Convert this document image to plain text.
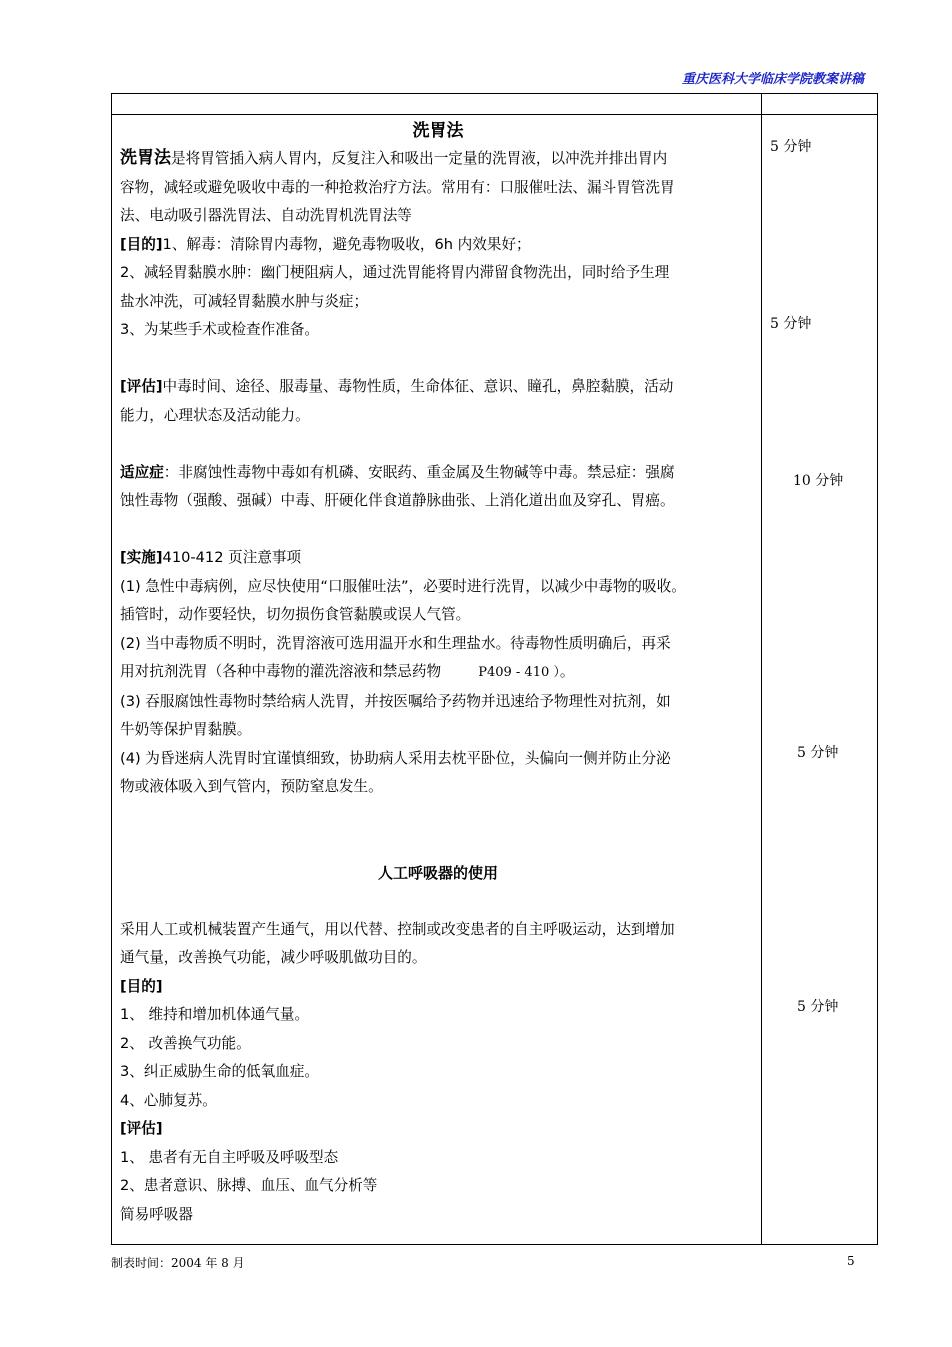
重庆医科大学临床学院教案讲稿

洗胃法

洗胃法是将胃管插入病人胃内，反复注入和吸出一定量的洗胃液，以冲洗并排出胃内

容物，减轻或避免吸收中毒的一种抢救治疗方法。常用有：口服催吐法、漏斗胃管洗胃

法、电动吸引器洗胃法、自动洗胃机洗胃法等

[目的]1、解毒：清除胃内毒物，避免毒物吸收，6h 内效果好；

2、减轻胃黏膜水肿：幽门梗阻病人，通过洗胃能将胃内滞留食物洗出，同时给予生理

盐水冲洗，可减轻胃黏膜水肿与炎症；

3、为某些手术或检查作准备。

[评估]中毒时间、途径、服毒量、毒物性质，生命体征、意识、瞳孔，鼻腔黏膜，活动

能力，心理状态及活动能力。

适应症：非腐蚀性毒物中毒如有机磷、安眠药、重金属及生物碱等中毒。禁忌症：强腐

蚀性毒物（强酸、强碱）中毒、肝硬化伴食道静脉曲张、上消化道出血及穿孔、胃癌。

[实施]410-412 页注意事项

(1) 急性中毒病例，应尽快使用“口服催吐法”，必要时进行洗胃，以减少中毒物的吸收。

插管时，动作要轻快，切勿损伤食管黏膜或误人气管。

(2) 当中毒物质不明时，洗胃溶液可选用温开水和生理盐水。待毒物性质明确后，再采

用对抗剂洗胃（各种中毒物的灌洗溶液和禁忌药物	P409 - 410 ）。

(3) 吞服腐蚀性毒物时禁给病人洗胃，并按医嘱给予药物并迅速给予物理性对抗剂，如

牛奶等保护胃黏膜。

(4) 为昏迷病人洗胃时宜谨慎细致，协助病人采用去枕平卧位，头偏向一侧并防止分泌

物或液体吸入到气管内，预防窒息发生。

人工呼吸器的使用

采用人工或机械装置产生通气，用以代替、控制或改变患者的自主呼吸运动，达到增加

通气量，改善换气功能，减少呼吸肌做功目的。

[目的]

1、 维持和增加机体通气量。

2、 改善换气功能。

3、纠正威胁生命的低氧血症。

4、心肺复苏。

[评估]

1、 患者有无自主呼吸及呼吸型态

2、患者意识、脉搏、血压、血气分析等

简易呼吸器

5 分钟
5 分钟
10 分钟
5 分钟
5 分钟
制表时间：2004 年 8 月	5
